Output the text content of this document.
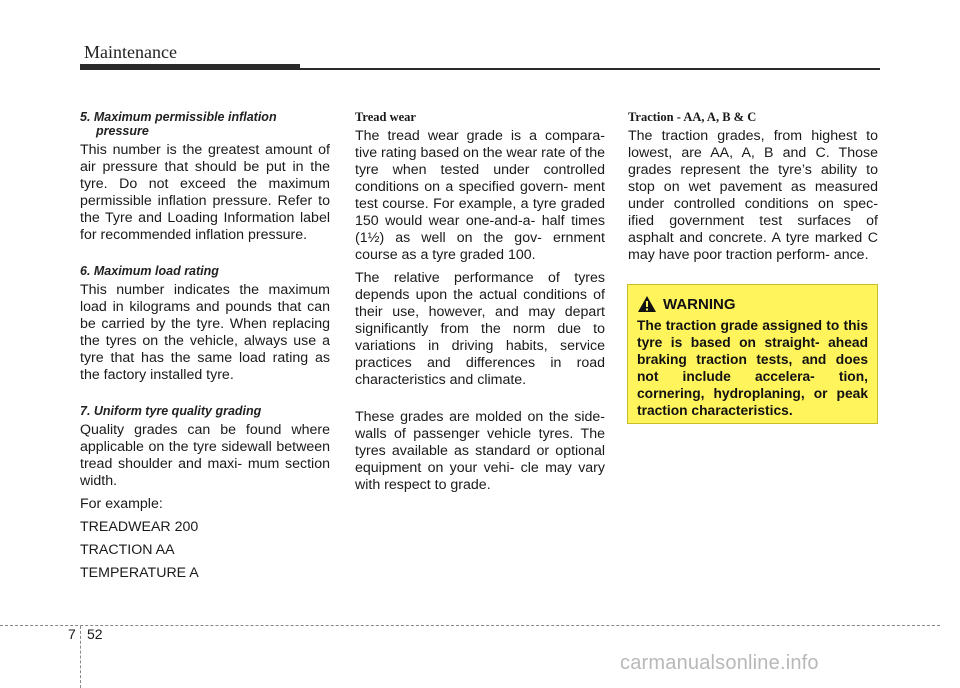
Maintenance
5. Maximum permissible inflation pressure

This number is the greatest amount of air pressure that should be put in the tyre. Do not exceed the maximum permissible inflation pressure. Refer to the Tyre and Loading Information label for recommended inflation pressure.

6. Maximum load rating

This number indicates the maximum load in kilograms and pounds that can be carried by the tyre. When replacing the tyres on the vehicle, always use a tyre that has the same load rating as the factory installed tyre.

7. Uniform tyre quality grading

Quality grades can be found where applicable on the tyre sidewall between tread shoulder and maxi- mum section width.

For example:

TREADWEAR 200

TRACTION AA

TEMPERATURE A

Tread wear

The tread wear grade is a compara- tive rating based on the wear rate of the tyre when tested under controlled conditions on a specified govern- ment test course. For example, a tyre graded 150 would wear one-and-a- half times (1½) as well on the gov- ernment course as a tyre graded 100.

The relative performance of tyres depends upon the actual conditions of their use, however, and may depart significantly from the norm due to variations in driving habits, service practices and differences in road characteristics and climate.

These grades are molded on the side-walls of passenger vehicle tyres. The tyres available as standard or optional equipment on your vehi- cle may vary with respect to grade.

Traction - AA, A, B & C

The traction grades, from highest to lowest, are AA, A, B and C. Those grades represent the tyre’s ability to stop on wet pavement as measured under controlled conditions on spec- ified government test surfaces of asphalt and concrete. A tyre marked C may have poor traction perform- ance.

WARNING
The traction grade assigned to this tyre is based on straight- ahead braking traction tests, and does not include accelera- tion, cornering, hydroplaning, or peak traction characteristics.
7 52
carmanualsonline.info
